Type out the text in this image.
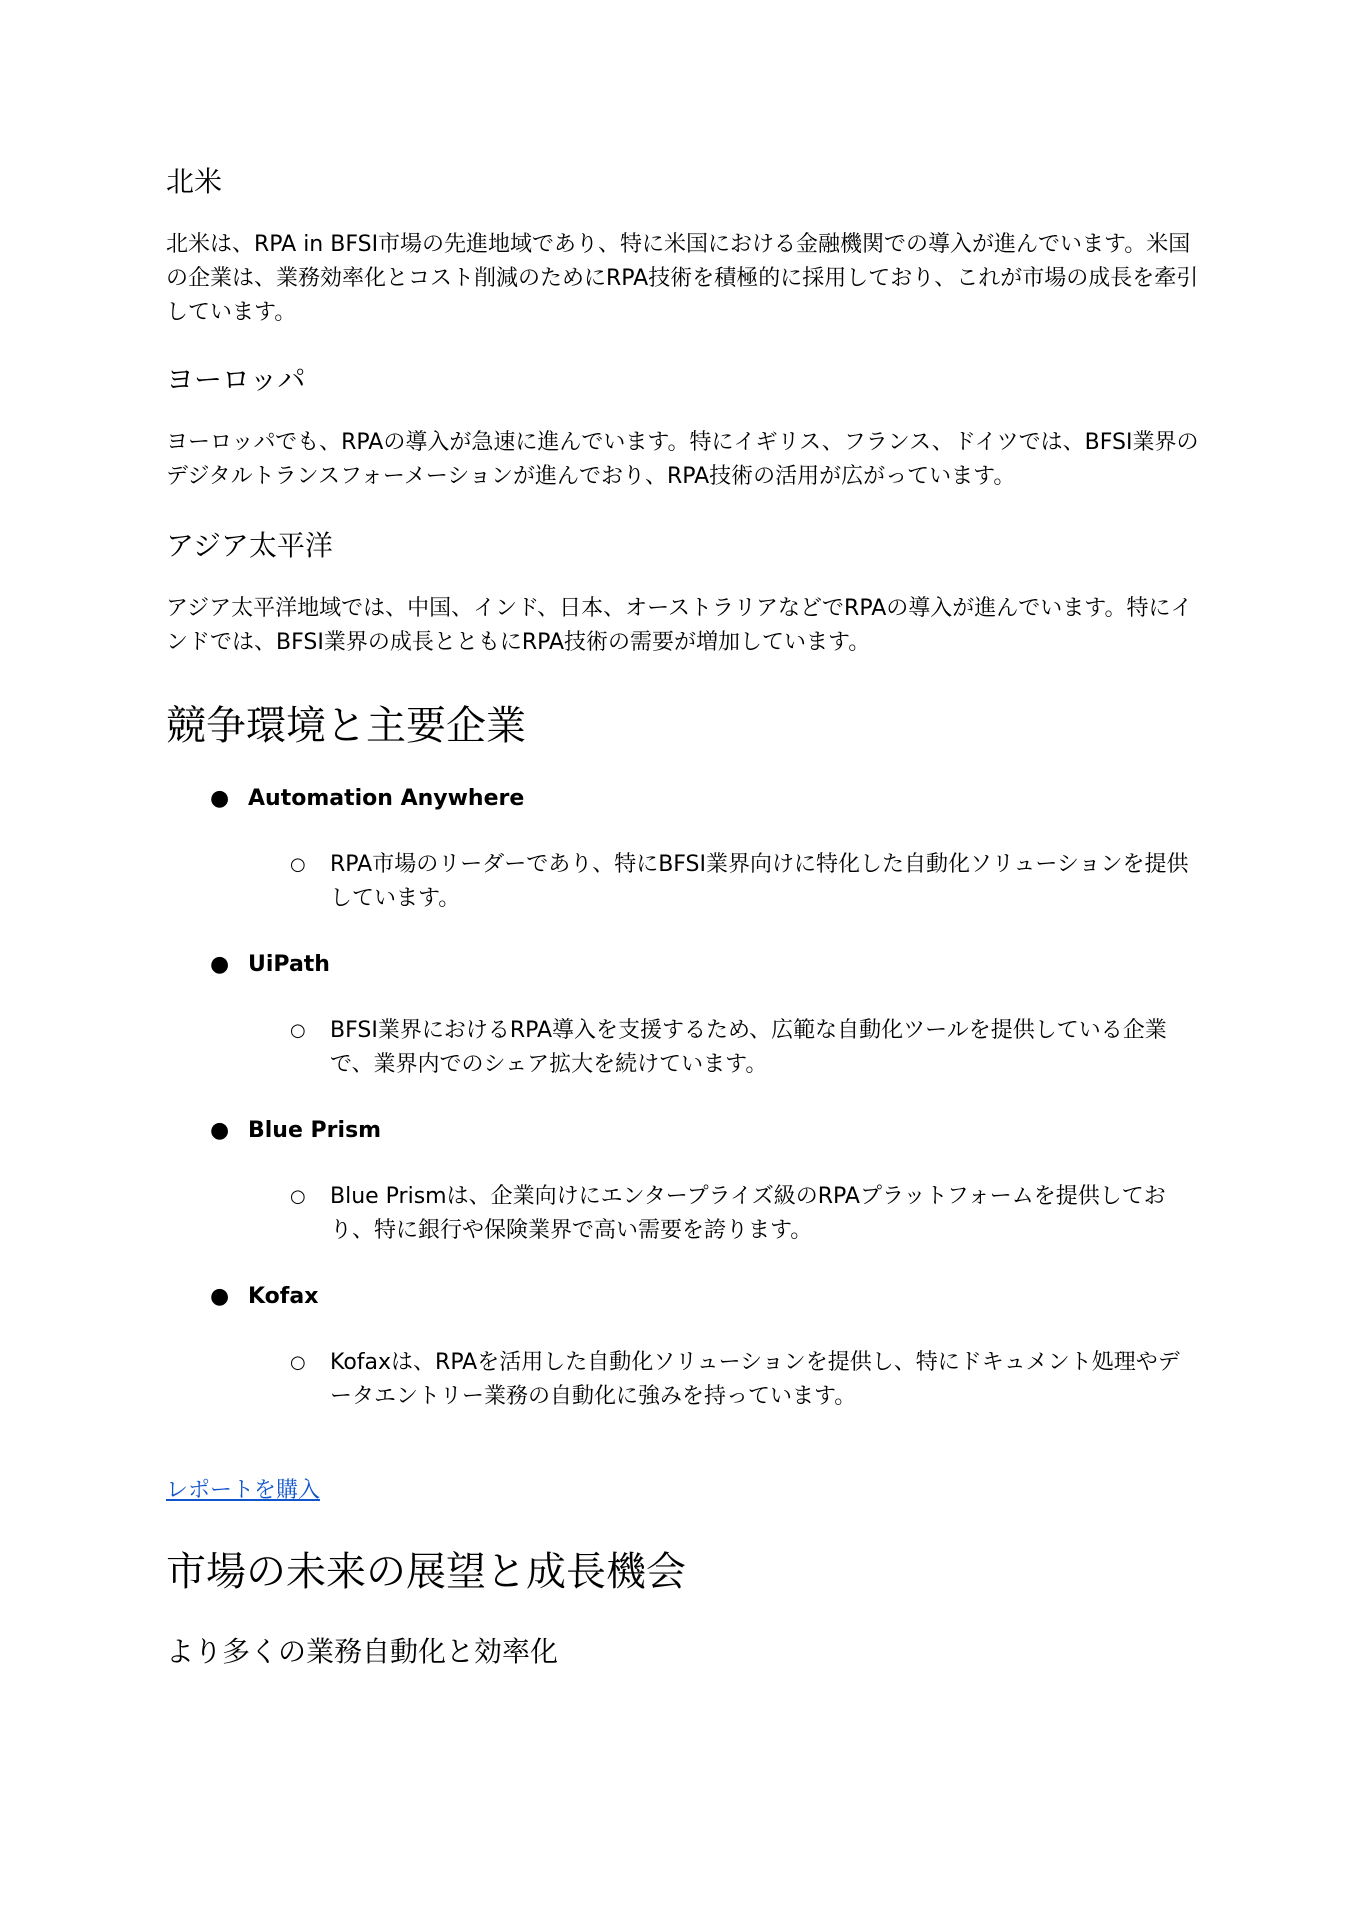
北米

北米は、RPA in BFSI市場の先進地域であり、特に米国における金融機関での導入が進んでいます。米国の企業は、業務効率化とコスト削減のためにRPA技術を積極的に採用しており、これが市場の成長を牽引しています。

ヨーロッパ

ヨーロッパでも、RPAの導入が急速に進んでいます。特にイギリス、フランス、ドイツでは、BFSI業界のデジタルトランスフォーメーションが進んでおり、RPA技術の活用が広がっています。

アジア太平洋

アジア太平洋地域では、中国、インド、日本、オーストラリアなどでRPAの導入が進んでいます。特にインドでは、BFSI業界の成長とともにRPA技術の需要が増加しています。

競争環境と主要企業
● Automation Anywhere
○ RPA市場のリーダーであり、特にBFSI業界向けに特化した自動化ソリューションを提供しています。
● UiPath
○ BFSI業界におけるRPA導入を支援するため、広範な自動化ツールを提供している企業で、業界内でのシェア拡大を続けています。
● Blue Prism
○ Blue Prismは、企業向けにエンタープライズ級のRPAプラットフォームを提供しており、特に銀行や保険業界で高い需要を誇ります。
● Kofax
○ Kofaxは、RPAを活用した自動化ソリューションを提供し、特にドキュメント処理やデータエントリー業務の自動化に強みを持っています。
レポートを購入
市場の未来の展望と成長機会
より多くの業務自動化と効率化
